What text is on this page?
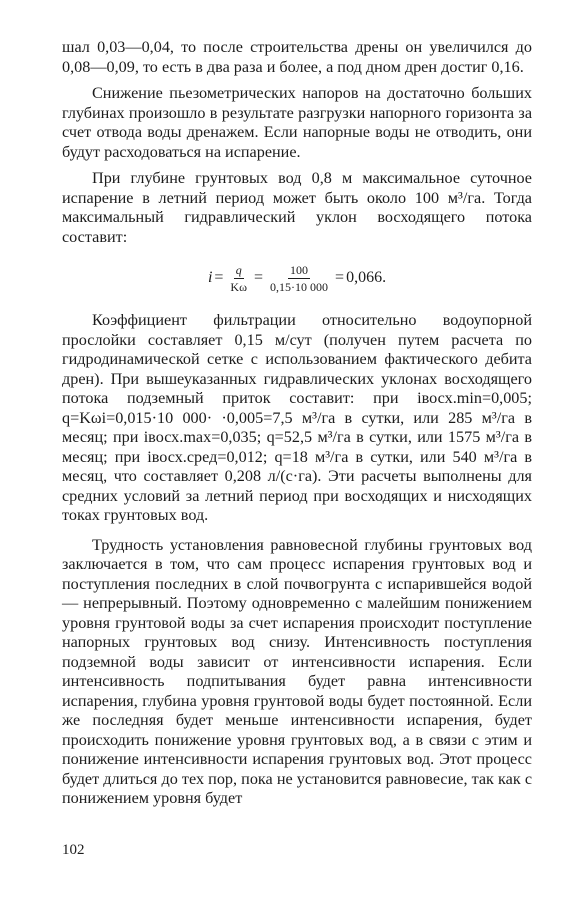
шал 0,03—0,04, то после строительства дрены он увеличился до 0,08—0,09, то есть в два раза и более, а под дном дрен достиг 0,16.

Снижение пьезометрических напоров на достаточно больших глубинах произошло в результате разгрузки напорного горизонта за счет отвода воды дренажем. Если напорные воды не отводить, они будут расходоваться на испарение.

При глубине грунтовых вод 0,8 м максимальное суточное испарение в летний период может быть около 100 м³/га. Тогда максимальный гидравлический уклон восходящего потока составит:

$i = \frac{q}{K\omega} = \frac{100}{0,15\cdot 10 000} = 0,066$.

Коэффициент фильтрации относительно водоупорной прослойки составляет 0,15 м/сут (получен путем расчета по гидродинамической сетке с использованием фактического дебита дрен). При вышеуказанных гидравлических уклонах восходящего потока подземный приток составит: при iвосх.min=0,005; q=Kωi=0,015·10 000· ·0,005=7,5 м³/га в сутки, или 285 м³/га в месяц; при iвосх.max=0,035; q=52,5 м³/га в сутки, или 1575 м³/га в месяц; при iвосх.сред=0,012; q=18 м³/га в сутки, или 540 м³/га в месяц, что составляет 0,208 л/(с·га). Эти расчеты выполнены для средних условий за летний период при восходящих и нисходящих токах грунтовых вод.

Трудность установления равновесной глубины грунтовых вод заключается в том, что сам процесс испарения грунтовых вод и поступления последних в слой почвогрунта с испарившейся водой — непрерывный. Поэтому одновременно с малейшим понижением уровня грунтовой воды за счет испарения происходит поступление напорных грунтовых вод снизу. Интенсивность поступления подземной воды зависит от интенсивности испарения. Если интенсивность подпитывания будет равна интенсивности испарения, глубина уровня грунтовой воды будет постоянной. Если же последняя будет меньше интенсивности испарения, будет происходить понижение уровня грунтовых вод, а в связи с этим и понижение интенсивности испарения грунтовых вод. Этот процесс будет длиться до тех пор, пока не установится равновесие, так как с понижением уровня будет

102
